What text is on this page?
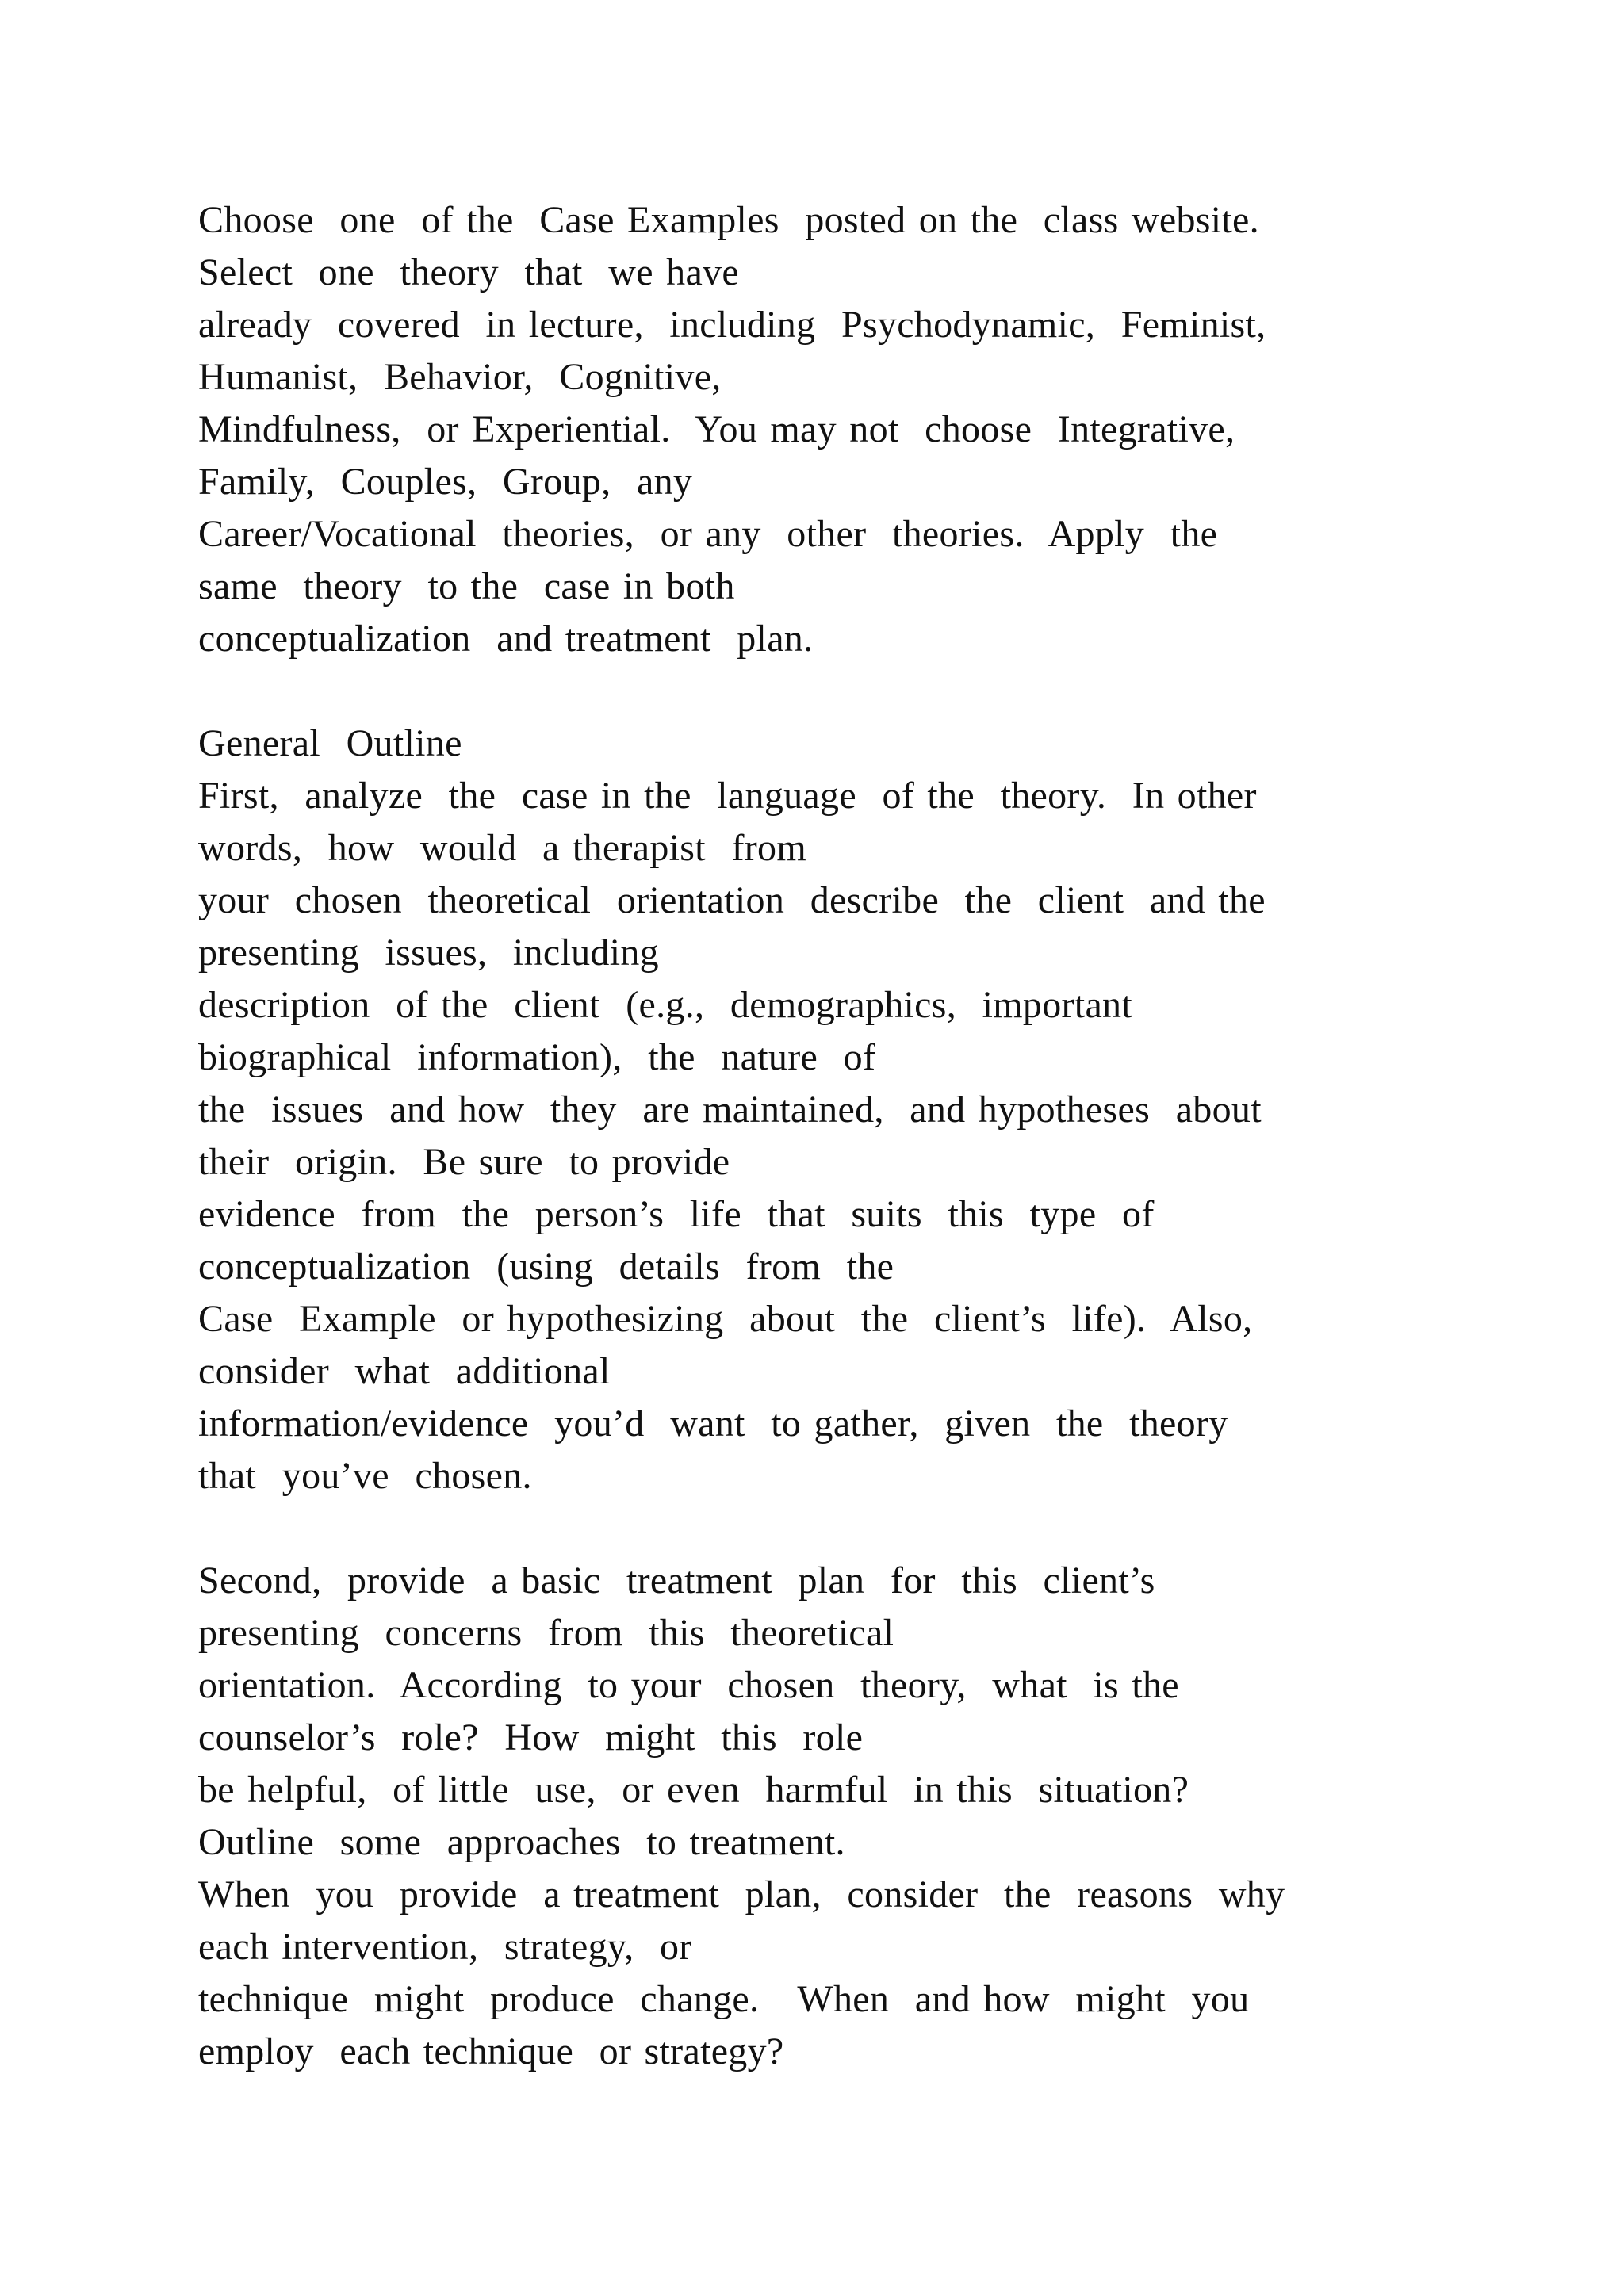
Choose  one  of the  Case Examples  posted on the  class website.
Select  one  theory  that  we have
already  covered  in lecture,  including  Psychodynamic,  Feminist,
Humanist,  Behavior,  Cognitive,
Mindfulness,  or Experiential.  You may not  choose  Integrative,
Family,  Couples,  Group,  any
Career/Vocational  theories,  or any  other  theories.  Apply  the
same  theory  to the  case in both
conceptualization  and treatment  plan.
General  Outline
First,  analyze  the  case in the  language  of the  theory.  In other
words,  how  would  a therapist  from
your  chosen  theoretical  orientation  describe  the  client  and the
presenting  issues,  including
description  of the  client  (e.g.,  demographics,  important
biographical  information),  the  nature  of
the  issues  and how  they  are maintained,  and hypotheses  about
their  origin.  Be sure  to provide
evidence  from  the  person’s  life  that  suits  this  type  of
conceptualization  (using  details  from  the
Case  Example  or hypothesizing  about  the  client’s  life).  Also,
consider  what  additional
information/evidence  you’d  want  to gather,  given  the  theory
that  you’ve  chosen.
Second,  provide  a basic  treatment  plan  for  this  client’s
presenting  concerns  from  this  theoretical
orientation.  According  to your  chosen  theory,  what  is the
counselor’s  role?  How  might  this  role
be helpful,  of little  use,  or even  harmful  in this  situation?
Outline  some  approaches  to treatment.
When  you  provide  a treatment  plan,  consider  the  reasons  why
each intervention,  strategy,  or
technique  might  produce  change.   When  and how  might  you
employ  each technique  or strategy?
